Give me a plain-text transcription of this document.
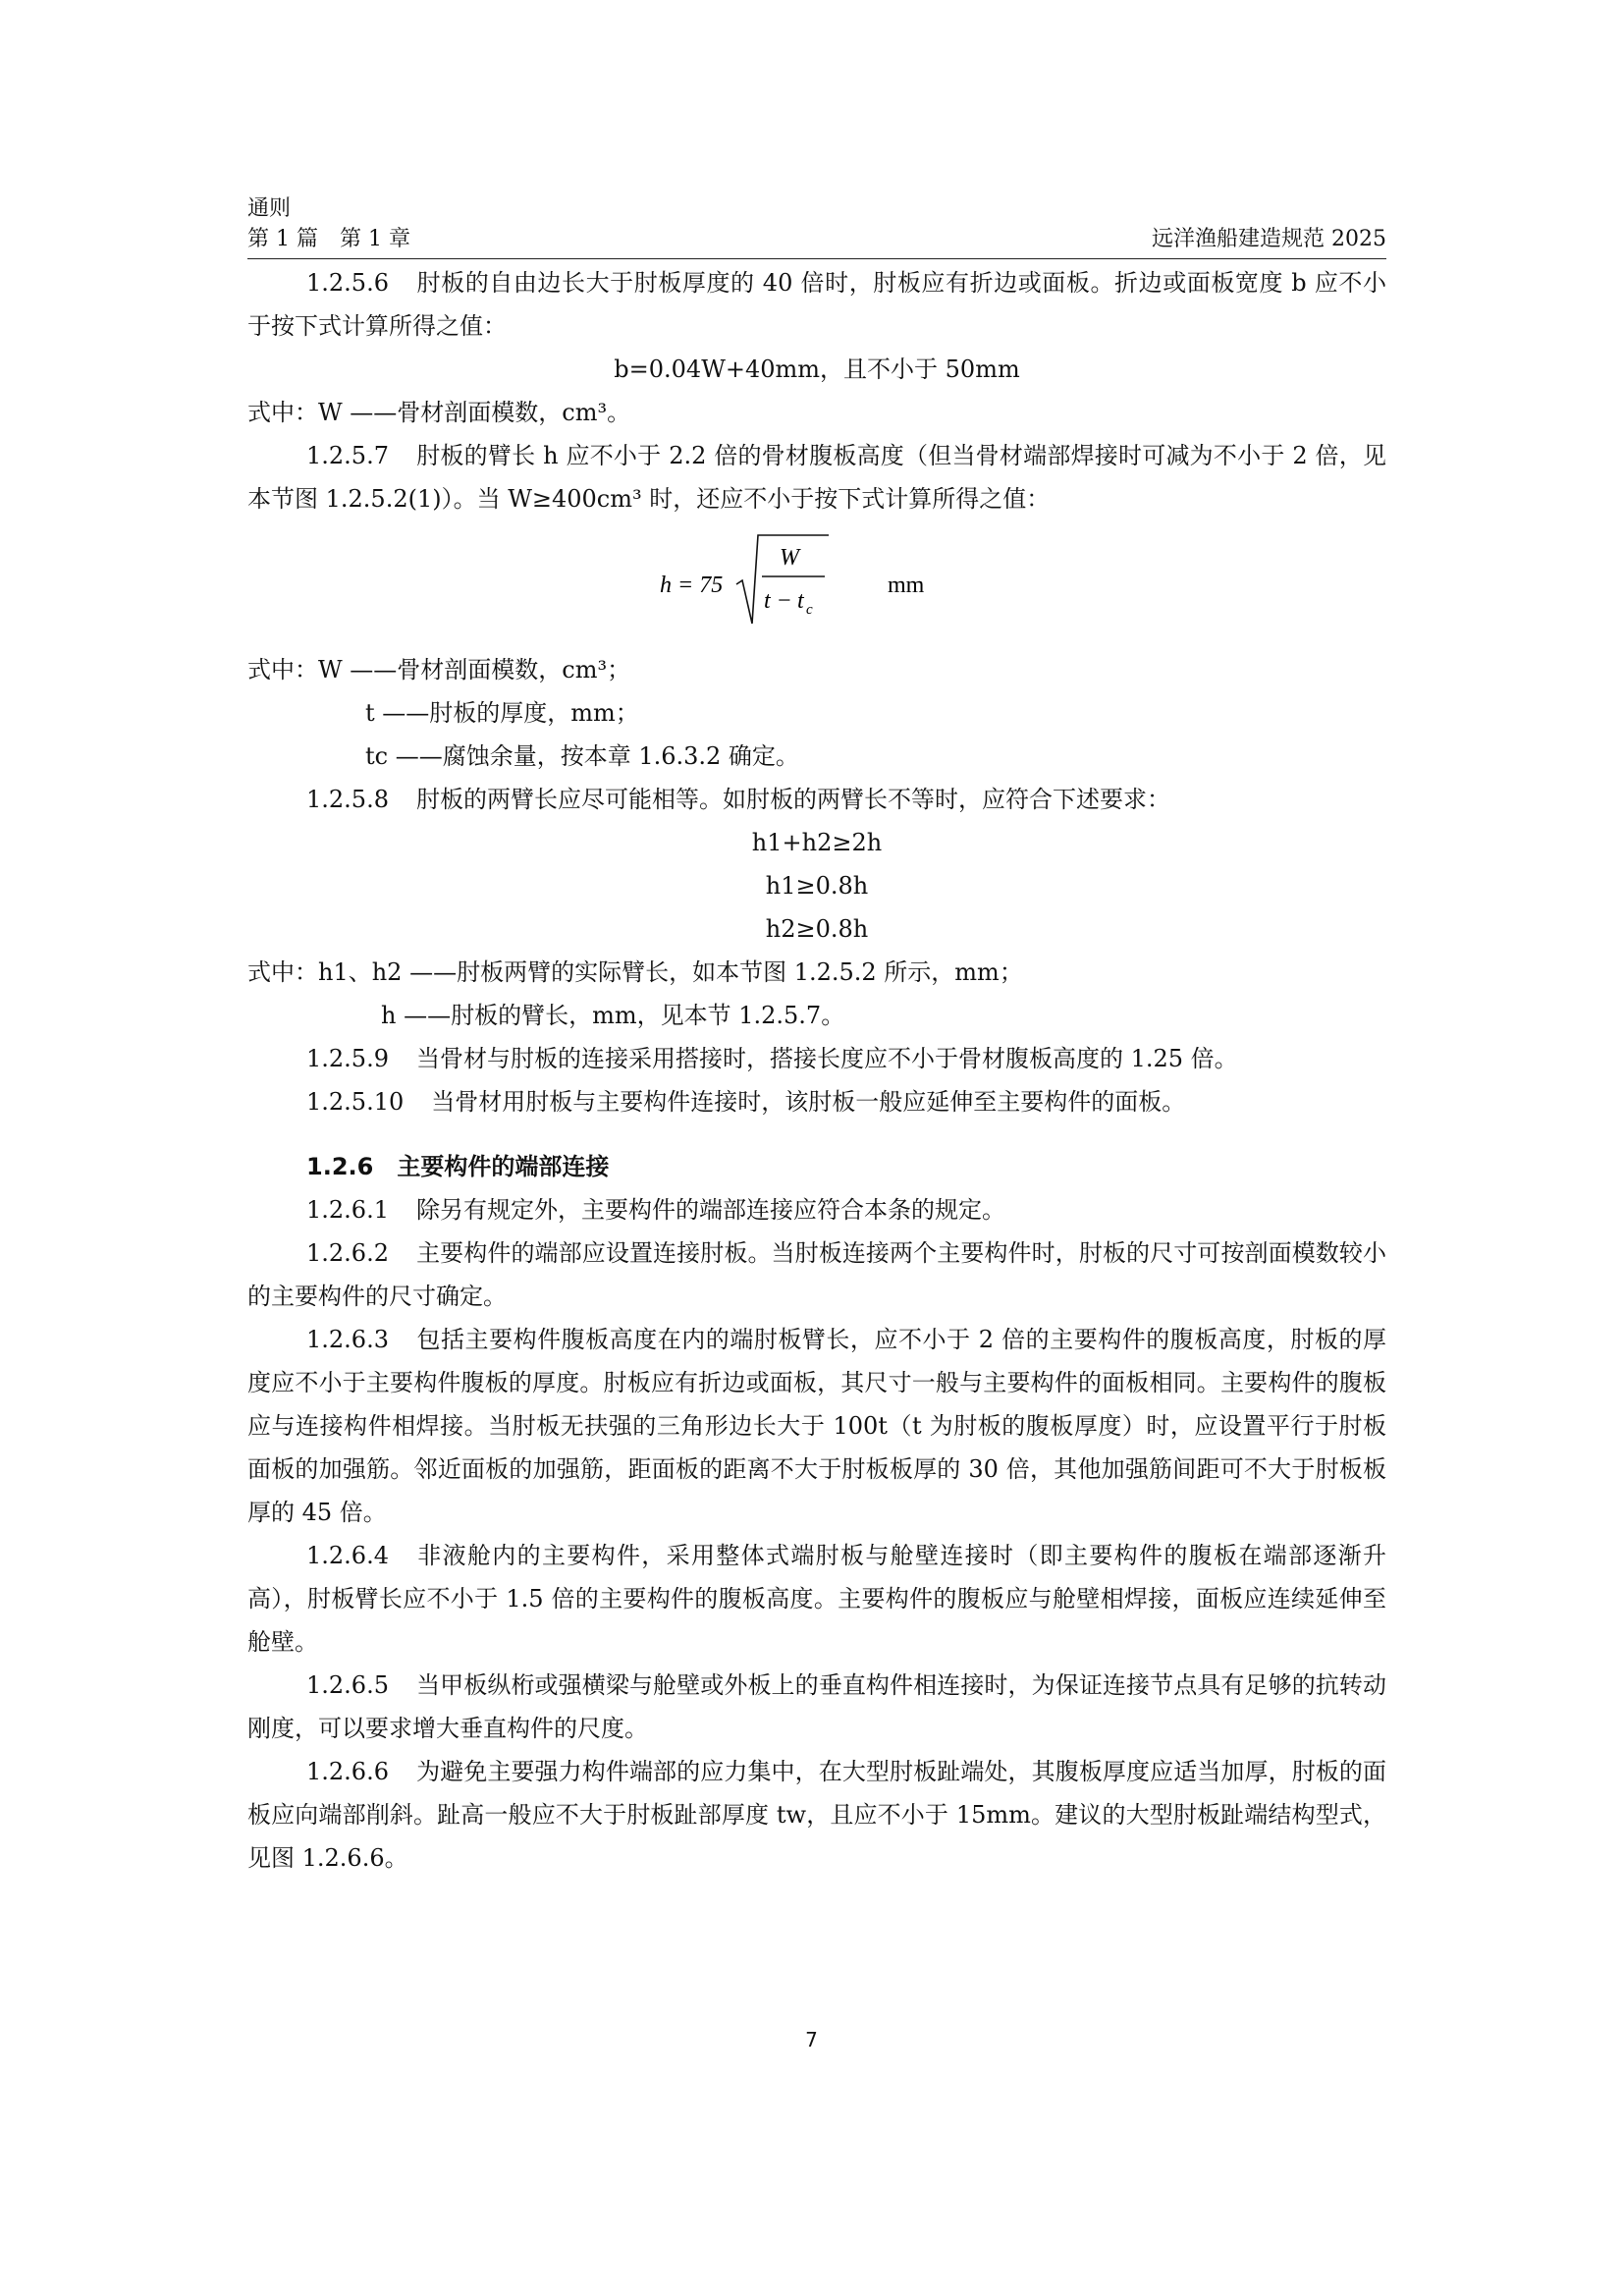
通则
第 1 篇　第 1 章	远洋渔船建造规范 2025

1.2.5.6 肘板的自由边长大于肘板厚度的 40 倍时，肘板应有折边或面板。折边或面板宽度 b 应不小于按下式计算所得之值：

b=0.04W+40mm，且不小于 50mm

式中：W ——骨材剖面模数，cm³。

1.2.5.7 肘板的臂长 h 应不小于 2.2 倍的骨材腹板高度（但当骨材端部焊接时可减为不小于 2 倍，见本节图 1.2.5.2(1)）。当 W≥400cm³ 时，还应不小于按下式计算所得之值：

h = 75
W
t − t c
mm

式中：W ——骨材剖面模数，cm³；

t ——肘板的厚度，mm；

tc ——腐蚀余量，按本章 1.6.3.2 确定。

1.2.5.8 肘板的两臂长应尽可能相等。如肘板的两臂长不等时，应符合下述要求：

h1+h2≥2h

h1≥0.8h

h2≥0.8h

式中：h1、h2 ——肘板两臂的实际臂长，如本节图 1.2.5.2 所示，mm；

h ——肘板的臂长，mm，见本节 1.2.5.7。

1.2.5.9 当骨材与肘板的连接采用搭接时，搭接长度应不小于骨材腹板高度的 1.25 倍。

1.2.5.10 当骨材用肘板与主要构件连接时，该肘板一般应延伸至主要构件的面板。

1.2.6 主要构件的端部连接

1.2.6.1 除另有规定外，主要构件的端部连接应符合本条的规定。

1.2.6.2 主要构件的端部应设置连接肘板。当肘板连接两个主要构件时，肘板的尺寸可按剖面模数较小的主要构件的尺寸确定。

1.2.6.3 包括主要构件腹板高度在内的端肘板臂长，应不小于 2 倍的主要构件的腹板高度，肘板的厚度应不小于主要构件腹板的厚度。肘板应有折边或面板，其尺寸一般与主要构件的面板相同。主要构件的腹板应与连接构件相焊接。当肘板无扶强的三角形边长大于 100t（t 为肘板的腹板厚度）时，应设置平行于肘板面板的加强筋。邻近面板的加强筋，距面板的距离不大于肘板板厚的 30 倍，其他加强筋间距可不大于肘板板厚的 45 倍。

1.2.6.4 非液舱内的主要构件，采用整体式端肘板与舱壁连接时（即主要构件的腹板在端部逐渐升高），肘板臂长应不小于 1.5 倍的主要构件的腹板高度。主要构件的腹板应与舱壁相焊接，面板应连续延伸至舱壁。

1.2.6.5 当甲板纵桁或强横梁与舱壁或外板上的垂直构件相连接时，为保证连接节点具有足够的抗转动刚度，可以要求增大垂直构件的尺度。

1.2.6.6 为避免主要强力构件端部的应力集中，在大型肘板趾端处，其腹板厚度应适当加厚，肘板的面板应向端部削斜。趾高一般应不大于肘板趾部厚度 tw，且应不小于 15mm。建议的大型肘板趾端结构型式，见图 1.2.6.6。

7
